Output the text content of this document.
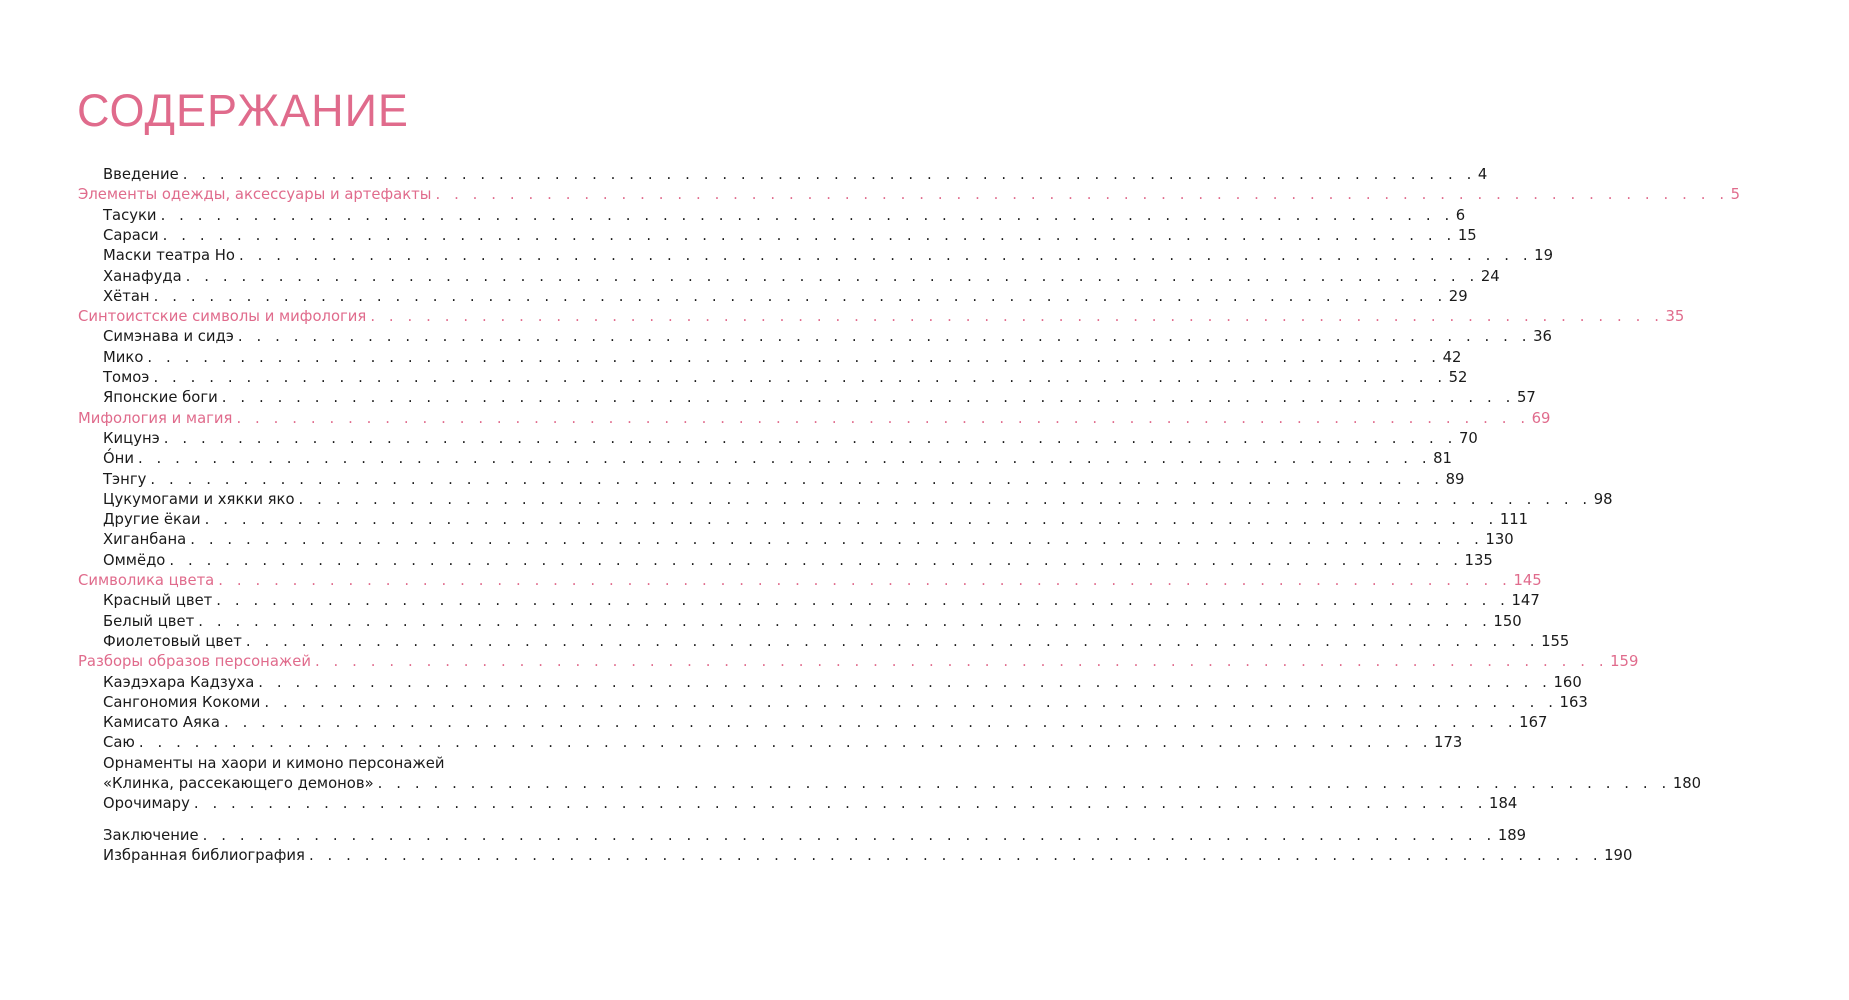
СОДЕРЖАНИЕ
Введение . . . . . . . . . . . . . . . . . . . . . . . . . . . . . . . . . . . . . . . . . . . . . . . . . . . . . . . . . . . . . . . . . . . . . . 4
Элементы одежды, аксессуары и артефакты . . . . . . . . . . . . . . . . . . . . . . . . . . . . . . . . . . . . . . . . . . . . . . . . . . . . . . . . . . . . . . . . . . . . . . 5
Тасуки . . . . . . . . . . . . . . . . . . . . . . . . . . . . . . . . . . . . . . . . . . . . . . . . . . . . . . . . . . . . . . . . . . . . . . 6
Сараси . . . . . . . . . . . . . . . . . . . . . . . . . . . . . . . . . . . . . . . . . . . . . . . . . . . . . . . . . . . . . . . . . . . . . . 15
Маски театра Но . . . . . . . . . . . . . . . . . . . . . . . . . . . . . . . . . . . . . . . . . . . . . . . . . . . . . . . . . . . . . . . . . . . . . . 19
Ханафуда . . . . . . . . . . . . . . . . . . . . . . . . . . . . . . . . . . . . . . . . . . . . . . . . . . . . . . . . . . . . . . . . . . . . . . 24
Хётан . . . . . . . . . . . . . . . . . . . . . . . . . . . . . . . . . . . . . . . . . . . . . . . . . . . . . . . . . . . . . . . . . . . . . . 29
Синтоистские символы и мифология . . . . . . . . . . . . . . . . . . . . . . . . . . . . . . . . . . . . . . . . . . . . . . . . . . . . . . . . . . . . . . . . . . . . . . 35
Симэнава и сидэ . . . . . . . . . . . . . . . . . . . . . . . . . . . . . . . . . . . . . . . . . . . . . . . . . . . . . . . . . . . . . . . . . . . . . . 36
Мико . . . . . . . . . . . . . . . . . . . . . . . . . . . . . . . . . . . . . . . . . . . . . . . . . . . . . . . . . . . . . . . . . . . . . . 42
Томоэ . . . . . . . . . . . . . . . . . . . . . . . . . . . . . . . . . . . . . . . . . . . . . . . . . . . . . . . . . . . . . . . . . . . . . . 52
Японские боги . . . . . . . . . . . . . . . . . . . . . . . . . . . . . . . . . . . . . . . . . . . . . . . . . . . . . . . . . . . . . . . . . . . . . . 57
Мифология и магия . . . . . . . . . . . . . . . . . . . . . . . . . . . . . . . . . . . . . . . . . . . . . . . . . . . . . . . . . . . . . . . . . . . . . . 69
Кицунэ . . . . . . . . . . . . . . . . . . . . . . . . . . . . . . . . . . . . . . . . . . . . . . . . . . . . . . . . . . . . . . . . . . . . . . 70
О́ни . . . . . . . . . . . . . . . . . . . . . . . . . . . . . . . . . . . . . . . . . . . . . . . . . . . . . . . . . . . . . . . . . . . . . . 81
Тэнгу . . . . . . . . . . . . . . . . . . . . . . . . . . . . . . . . . . . . . . . . . . . . . . . . . . . . . . . . . . . . . . . . . . . . . . 89
Цукумогами и хякки яко . . . . . . . . . . . . . . . . . . . . . . . . . . . . . . . . . . . . . . . . . . . . . . . . . . . . . . . . . . . . . . . . . . . . . . 98
Другие ёкаи . . . . . . . . . . . . . . . . . . . . . . . . . . . . . . . . . . . . . . . . . . . . . . . . . . . . . . . . . . . . . . . . . . . . . . 111
Хиганбана . . . . . . . . . . . . . . . . . . . . . . . . . . . . . . . . . . . . . . . . . . . . . . . . . . . . . . . . . . . . . . . . . . . . . . 130
Оммёдо . . . . . . . . . . . . . . . . . . . . . . . . . . . . . . . . . . . . . . . . . . . . . . . . . . . . . . . . . . . . . . . . . . . . . . 135
Символика цвета . . . . . . . . . . . . . . . . . . . . . . . . . . . . . . . . . . . . . . . . . . . . . . . . . . . . . . . . . . . . . . . . . . . . . . 145
Красный цвет . . . . . . . . . . . . . . . . . . . . . . . . . . . . . . . . . . . . . . . . . . . . . . . . . . . . . . . . . . . . . . . . . . . . . . 147
Белый цвет . . . . . . . . . . . . . . . . . . . . . . . . . . . . . . . . . . . . . . . . . . . . . . . . . . . . . . . . . . . . . . . . . . . . . . 150
Фиолетовый цвет . . . . . . . . . . . . . . . . . . . . . . . . . . . . . . . . . . . . . . . . . . . . . . . . . . . . . . . . . . . . . . . . . . . . . . 155
Разборы образов персонажей . . . . . . . . . . . . . . . . . . . . . . . . . . . . . . . . . . . . . . . . . . . . . . . . . . . . . . . . . . . . . . . . . . . . . . 159
Каэдэхара Кадзуха . . . . . . . . . . . . . . . . . . . . . . . . . . . . . . . . . . . . . . . . . . . . . . . . . . . . . . . . . . . . . . . . . . . . . . 160
Сангономия Кокоми . . . . . . . . . . . . . . . . . . . . . . . . . . . . . . . . . . . . . . . . . . . . . . . . . . . . . . . . . . . . . . . . . . . . . . 163
Камисато Аяка . . . . . . . . . . . . . . . . . . . . . . . . . . . . . . . . . . . . . . . . . . . . . . . . . . . . . . . . . . . . . . . . . . . . . . 167
Саю . . . . . . . . . . . . . . . . . . . . . . . . . . . . . . . . . . . . . . . . . . . . . . . . . . . . . . . . . . . . . . . . . . . . . . 173
Орнаменты на хаори и кимоно персонажей
«Клинка, рассекающего демонов» . . . . . . . . . . . . . . . . . . . . . . . . . . . . . . . . . . . . . . . . . . . . . . . . . . . . . . . . . . . . . . . . . . . . . . 180
Орочимару . . . . . . . . . . . . . . . . . . . . . . . . . . . . . . . . . . . . . . . . . . . . . . . . . . . . . . . . . . . . . . . . . . . . . . 184
Заключение . . . . . . . . . . . . . . . . . . . . . . . . . . . . . . . . . . . . . . . . . . . . . . . . . . . . . . . . . . . . . . . . . . . . . . 189
Избранная библиография . . . . . . . . . . . . . . . . . . . . . . . . . . . . . . . . . . . . . . . . . . . . . . . . . . . . . . . . . . . . . . . . . . . . . . 190
